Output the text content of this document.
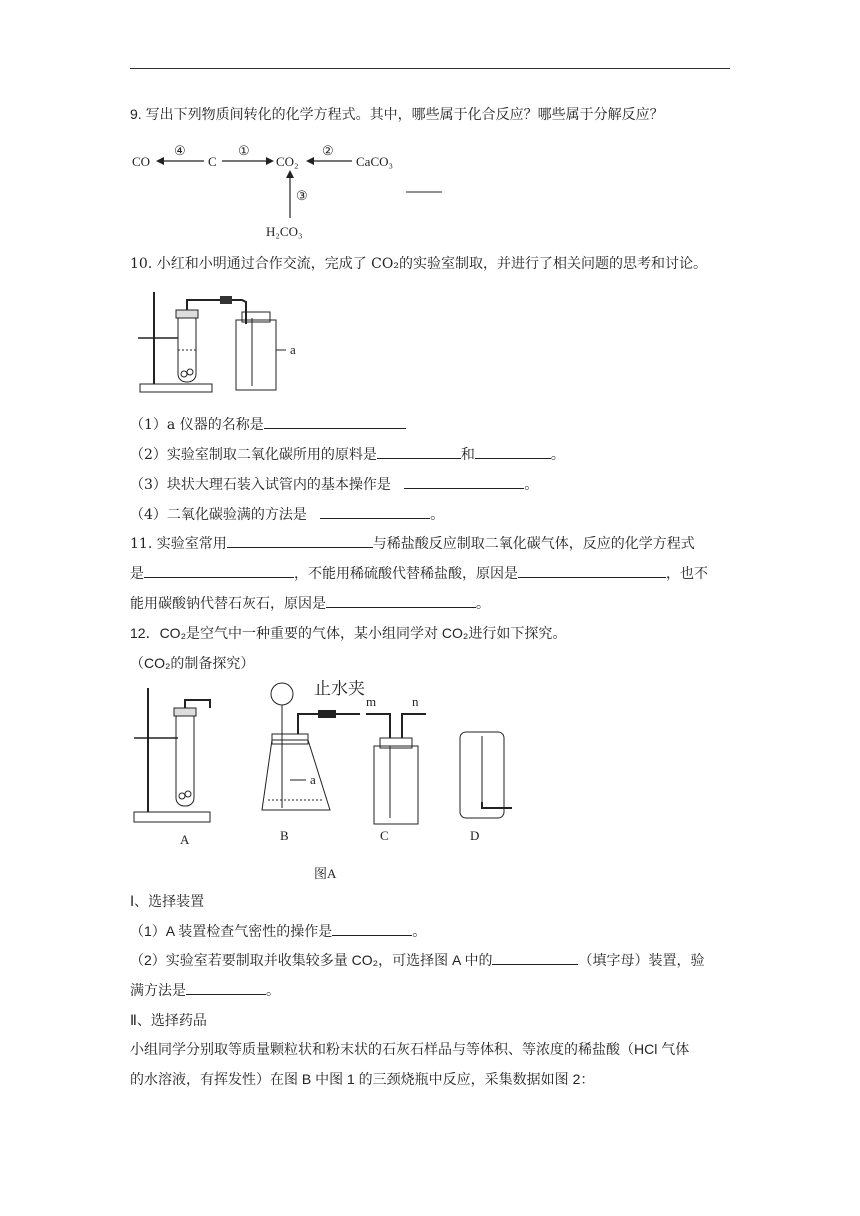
9. 写出下列物质间转化的化学方程式。其中，哪些属于化合反应？哪些属于分解反应？
CO
④
C
①
CO₂
②
CaCO₃
③
H₂CO₃
10. 小红和小明通过合作交流，完成了 CO₂的实验室制取，并进行了相关问题的思考和讨论。
a
（1）a 仪器的名称是
（2）实验室制取二氧化碳所用的原料是	和	。
（3）块状大理石装入试管内的基本操作是	。
（4）二氧化碳验满的方法是	。
11. 实验室常用	与稀盐酸反应制取二氧化碳气体，反应的化学方程式
是	，不能用稀硫酸代替稀盐酸，原因是	，也不
能用碳酸钠代替石灰石，原因是	。
12．CO₂是空气中一种重要的气体，某小组同学对 CO₂进行如下探究。
（CO₂的制备探究）
A
止水夹
a
B
m	n
C	D
图A
Ⅰ、选择装置
（1）A 装置检查气密性的操作是	。
（2）实验室若要制取并收集较多量 CO₂，可选择图 A 中的	（填字母）装置，验
满方法是	。
Ⅱ、选择药品
小组同学分别取等质量颗粒状和粉末状的石灰石样品与等体积、等浓度的稀盐酸（HCl 气体
的水溶液，有挥发性）在图 B 中图 1 的三颈烧瓶中反应，采集数据如图 2：
